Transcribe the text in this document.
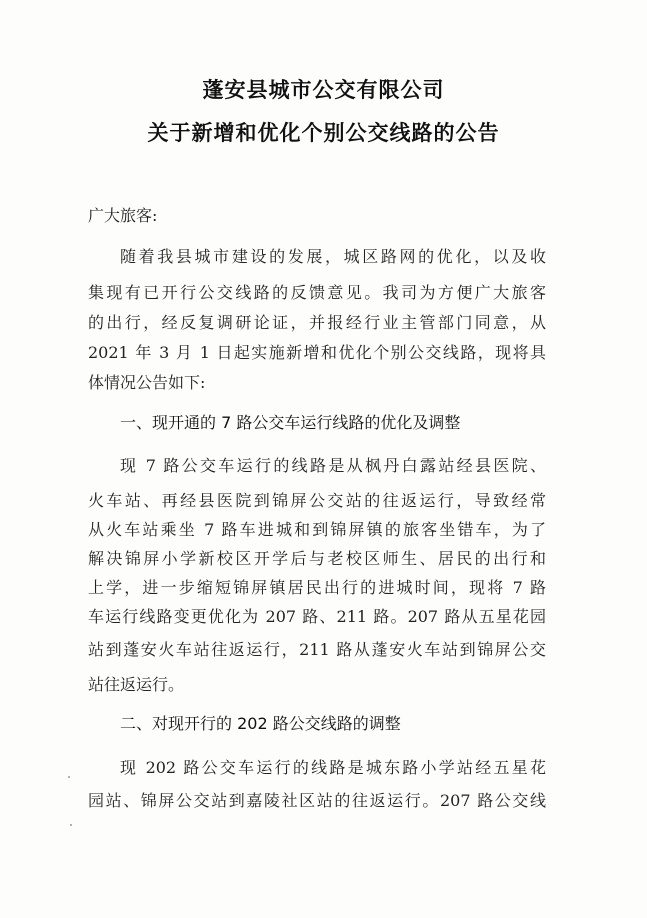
蓬安县城市公交有限公司
关于新增和优化个别公交线路的公告
广大旅客:
随着我县城市建设的发展，城区路网的优化，以及收
集现有已开行公交线路的反馈意见。我司为方便广大旅客
的出行，经反复调研论证，并报经行业主管部门同意，从
2021 年 3 月 1 日起实施新增和优化个别公交线路，现将具
体情况公告如下:
一、现开通的 7 路公交车运行线路的优化及调整
现 7 路公交车运行的线路是从枫丹白露站经县医院、
火车站、再经县医院到锦屏公交站的往返运行，导致经常
从火车站乘坐 7 路车进城和到锦屏镇的旅客坐错车，为了
解决锦屏小学新校区开学后与老校区师生、居民的出行和
上学，进一步缩短锦屏镇居民出行的进城时间，现将 7 路
车运行线路变更优化为 207 路、211 路。207 路从五星花园
站到蓬安火车站往返运行，211 路从蓬安火车站到锦屏公交
站往返运行。
二、对现开行的 202 路公交线路的调整
现 202 路公交车运行的线路是城东路小学站经五星花
园站、锦屏公交站到嘉陵社区站的往返运行。207 路公交线
